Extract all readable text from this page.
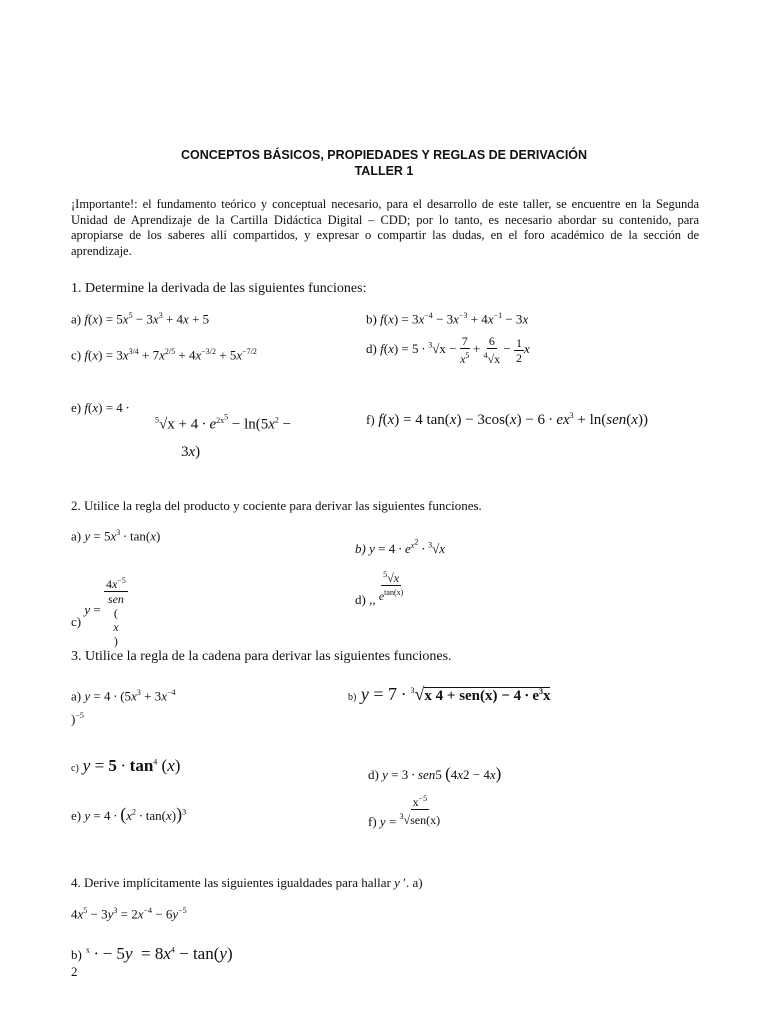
CONCEPTOS BÁSICOS, PROPIEDADES Y REGLAS DE DERIVACIÓN
TALLER 1
¡Importante!: el fundamento teórico y conceptual necesario, para el desarrollo de este taller, se encuentre en la Segunda Unidad de Aprendizaje de la Cartilla Didáctica Digital – CDD; por lo tanto, es necesario abordar su contenido, para apropiarse de los saberes allí compartidos, y expresar o compartir las dudas, en el foro académico de la sección de aprendizaje.
1. Determine la derivada de las siguientes funciones:
a) $f(x) = 5x^5 - 3x^3 + 4x + 5$	b) $f(x) = 3x^{-4} - 3x^{-3} + 4x^{-1} - 3x$
c) $f(x) = 3x^{3/4} + 7x^{2/5} + 4x^{-3/2} + 5x^{-7/2}$	d) $f(x) = 5 \cdot ^3√x - \frac{7}{x^5} + \frac{6}{^4√x} - \frac{1}{2}$ x
e) f(x) = 4 ∙
$^5√x + 4 \cdot e^{2x^5} - \ln(5x^2$ −
3x)
f) f(x) = 4 $\tan(x) - 3\cos(x) - 6 \cdot ex^3 + \ln(sen(x))$
2. Utilice la regla del producto y cociente para derivar las siguientes funciones.
a) $y = 5x^3 \cdot \tan(x)$
b) $y = 4 \cdot e^{x^2} \cdot ^3√x$
c) y =
$4x^{-5}$
sen
(
x
)
d) ,, $\frac{^5√x}{e^{tan(x)}}$
3. Utilice la regla de la cadena para derivar las siguientes funciones.
a) $y = 4 \cdot (5x^3 + 3x^{-4}$
)$^{-5}$
b) y = 7 ∙ $^3$√x $4 + sen(x) - 4 \cdot e^3x$
c) $y = 5 \cdot \tan^4 (x)$	d) y = 3 ∙ sen5 (4x2 − 4x)
e) $y = 4 \cdot (x^2 \cdot \tan(x))^3$
f) $y = \frac{x^{-5}}{^3√sen(x)}$
4. Derive implícitamente las siguientes igualdades para hallar y ′. a)
$4x^5 - 3y^3 = 2x^{-4} - 6y^{-5}$
b) $^x$ ∙ − $5y = 8x^4 - \tan(y)$
2
